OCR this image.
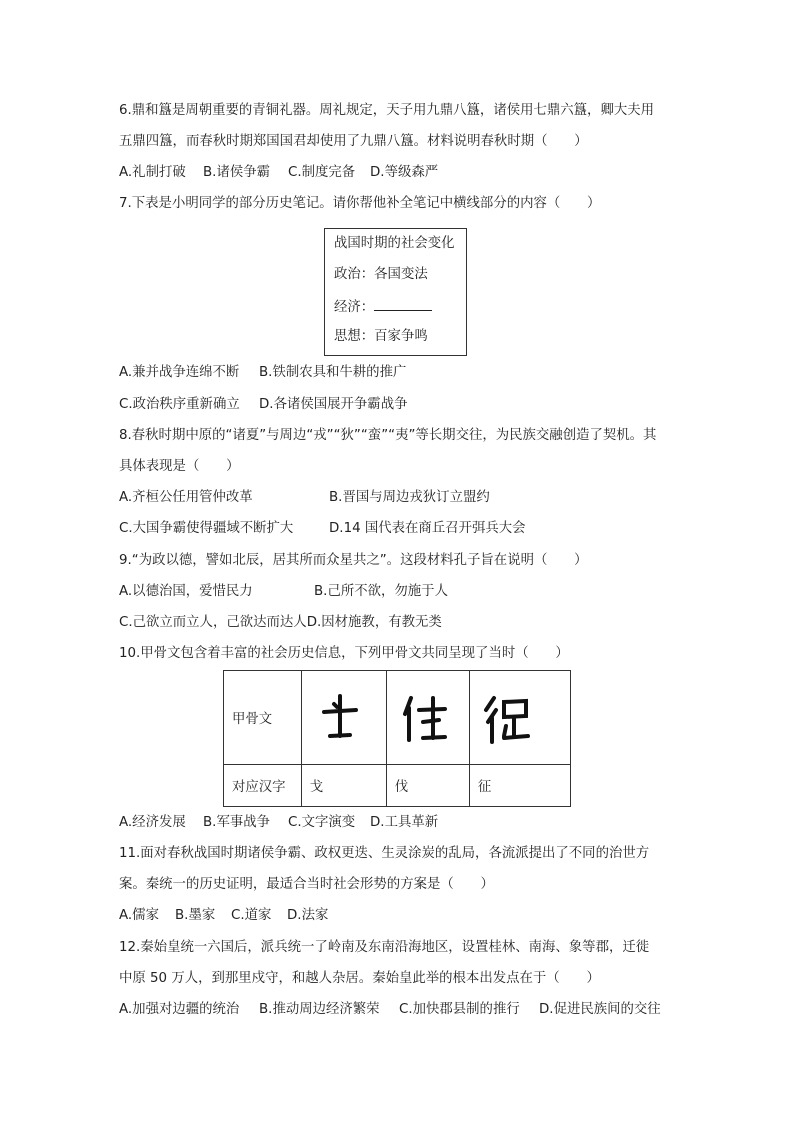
6.鼎和簋是周朝重要的青铜礼器。周礼规定，天子用九鼎八簋，诸侯用七鼎六簋，卿大夫用
五鼎四簋，而春秋时期郑国国君却使用了九鼎八簋。材料说明春秋时期（　　）
A.礼制打破 B.诸侯争霸 C.制度完备 D.等级森严
7.下表是小明同学的部分历史笔记。请你帮他补全笔记中横线部分的内容（　　）
战国时期的社会变化
政治：各国变法
经济：
思想：百家争鸣
A.兼并战争连绵不断 B.铁制农具和牛耕的推广
C.政治秩序重新确立 D.各诸侯国展开争霸战争
8.春秋时期中原的“诸夏”与周边“戎”“狄”“蛮”“夷”等长期交往，为民族交融创造了契机。其
具体表现是（　　）
A.齐桓公任用管仲改革	B.晋国与周边戎狄订立盟约
C.大国争霸使得疆域不断扩大	D.14 国代表在商丘召开弭兵大会
9.“为政以德，譬如北辰，居其所而众星共之”。这段材料孔子旨在说明（　　）
A.以德治国，爱惜民力	B.己所不欲，勿施于人
C.己欲立而立人，己欲达而达人D.因材施教，有教无类
10.甲骨文包含着丰富的社会历史信息，下列甲骨文共同呈现了当时（　　）
甲骨文	

对应汉字	戈	伐	征
A.经济发展 B.军事战争 C.文字演变 D.工具革新
11.面对春秋战国时期诸侯争霸、政权更迭、生灵涂炭的乱局，各流派提出了不同的治世方
案。秦统一的历史证明，最适合当时社会形势的方案是（　　）
A.儒家 B.墨家 C.道家 D.法家
12.秦始皇统一六国后，派兵统一了岭南及东南沿海地区，设置桂林、南海、象等郡，迁徙
中原 50 万人，到那里戍守，和越人杂居。秦始皇此举的根本出发点在于（　　）
A.加强对边疆的统治 B.推动周边经济繁荣 C.加快郡县制的推行 D.促进民族间的交往
